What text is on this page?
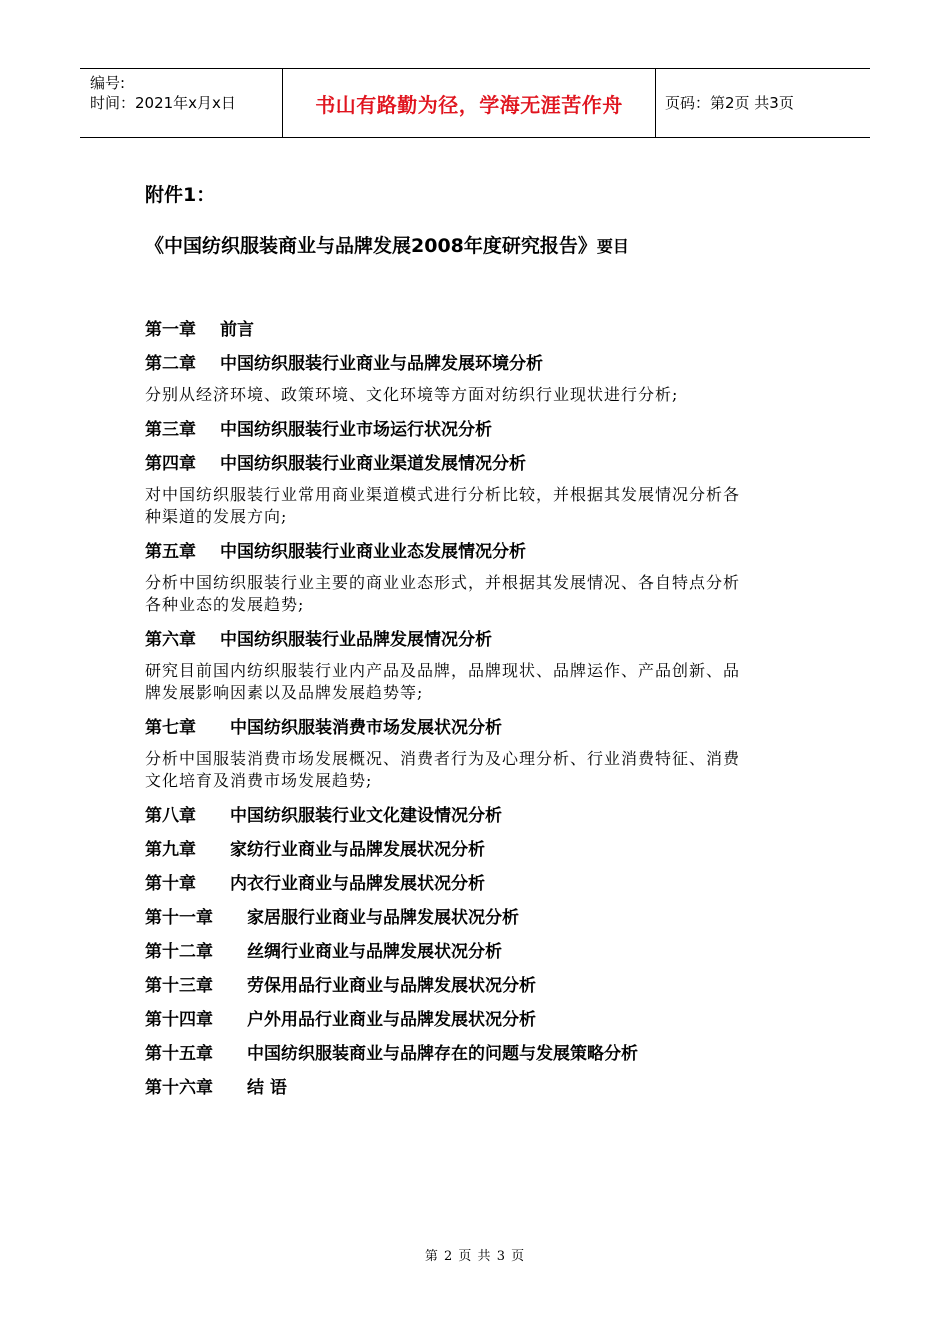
编号:
时间：2021年x月x日	书山有路勤为径，学海无涯苦作舟	页码：第2页 共3页
附件1：
《中国纺织服装商业与品牌发展2008年度研究报告》要目
第一章 前言
第二章 中国纺织服装行业商业与品牌发展环境分析
分别从经济环境、政策环境、文化环境等方面对纺织行业现状进行分析;
第三章 中国纺织服装行业市场运行状况分析
第四章 中国纺织服装行业商业渠道发展情况分析
对中国纺织服装行业常用商业渠道模式进行分析比较，并根据其发展情况分析各种渠道的发展方向;
第五章 中国纺织服装行业商业业态发展情况分析
分析中国纺织服装行业主要的商业业态形式，并根据其发展情况、各自特点分析各种业态的发展趋势;
第六章 中国纺织服装行业品牌发展情况分析
研究目前国内纺织服装行业内产品及品牌，品牌现状、品牌运作、产品创新、品牌发展影响因素以及品牌发展趋势等;
第七章 中国纺织服装消费市场发展状况分析
分析中国服装消费市场发展概况、消费者行为及心理分析、行业消费特征、消费文化培育及消费市场发展趋势;
第八章 中国纺织服装行业文化建设情况分析
第九章 家纺行业商业与品牌发展状况分析
第十章 内衣行业商业与品牌发展状况分析
第十一章 家居服行业商业与品牌发展状况分析
第十二章 丝绸行业商业与品牌发展状况分析
第十三章 劳保用品行业商业与品牌发展状况分析
第十四章 户外用品行业商业与品牌发展状况分析
第十五章 中国纺织服装商业与品牌存在的问题与发展策略分析
第十六章 结 语
第 2 页 共 3 页
